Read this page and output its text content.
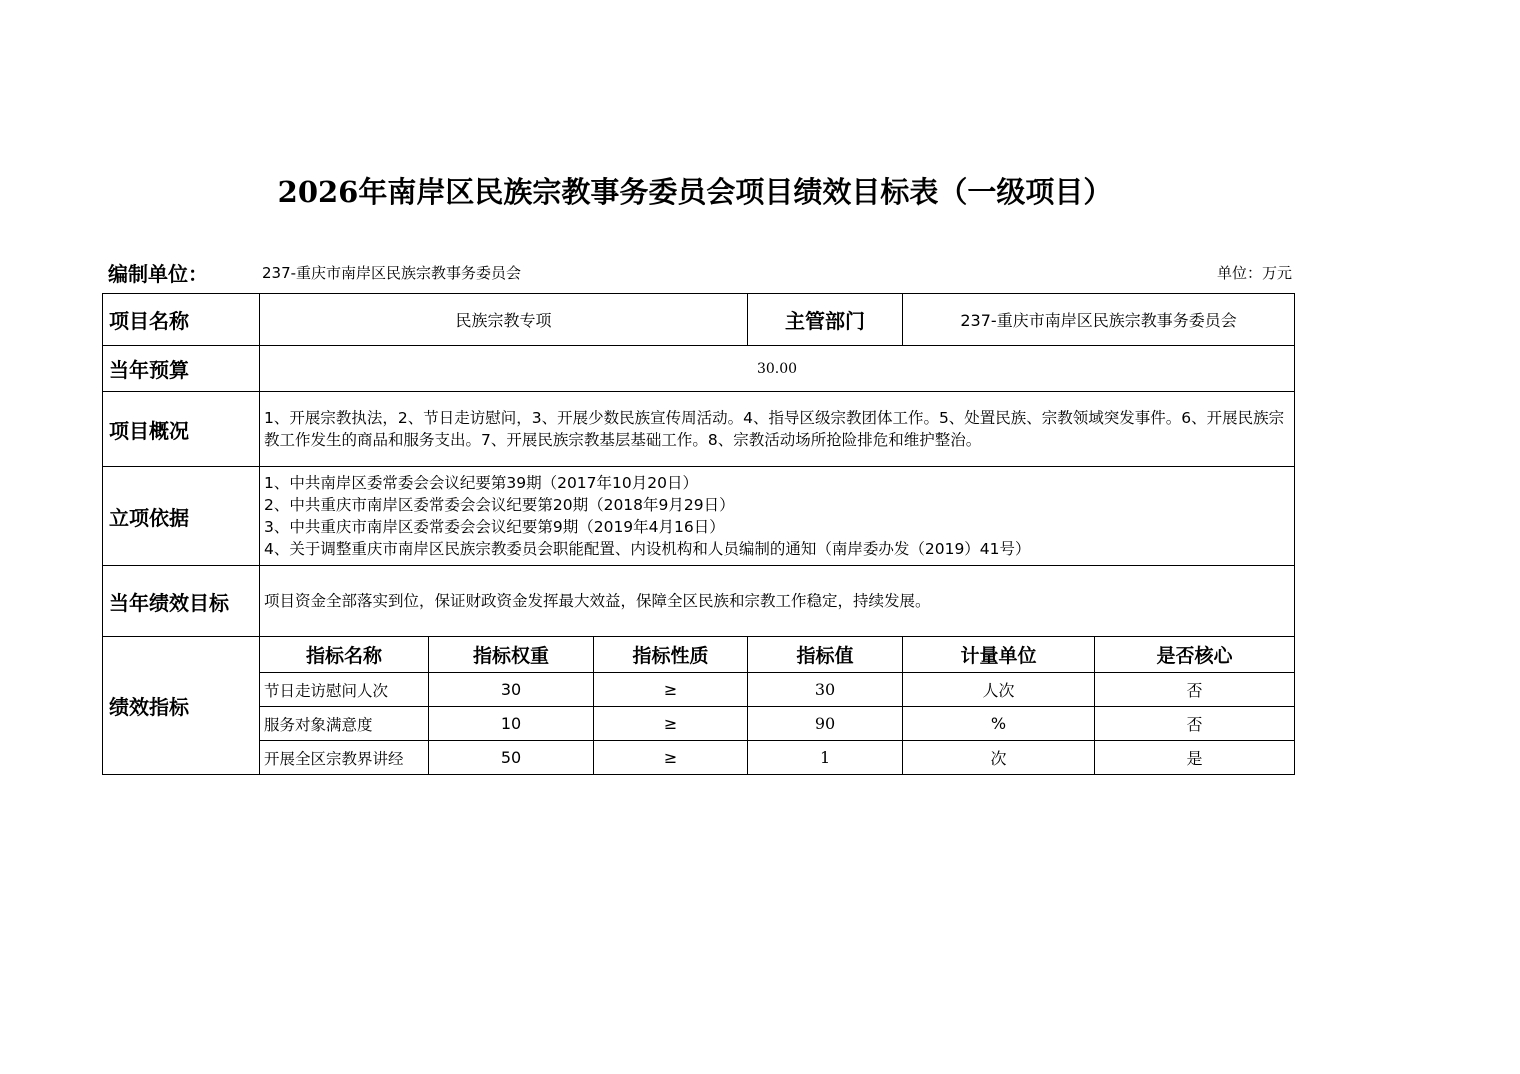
2026年南岸区民族宗教事务委员会项目绩效目标表（一级项目）
编制单位：	237-重庆市南岸区民族宗教事务委员会	单位：万元
项目名称	民族宗教专项			主管部门	237-重庆市南岸区民族宗教事务委员会	
当年预算	30.00					
项目概况	1、开展宗教执法，2、节日走访慰问，3、开展少数民族宣传周活动。4、指导区级宗教团体工作。5、处置民族、宗教领域突发事件。6、开展民族宗教工作发生的商品和服务支出。7、开展民族宗教基层基础工作。8、宗教活动场所抢险排危和维护整治。					
立项依据	1、中共南岸区委常委会会议纪要第39期（2017年10月20日）
2、中共重庆市南岸区委常委会会议纪要第20期（2018年9月29日）
3、中共重庆市南岸区委常委会会议纪要第9期（2019年4月16日）
4、关于调整重庆市南岸区民族宗教委员会职能配置、内设机构和人员编制的通知（南岸委办发（2019）41号）					

当年绩效目标	项目资金全部落实到位，保证财政资金发挥最大效益，保障全区民族和宗教工作稳定，持续发展。					
绩效指标	指标名称	指标权重	指标性质	指标值	计量单位	是否核心
	节日走访慰问人次	30	≥	30	人次	否
	服务对象满意度	10	≥	90	%	否
	开展全区宗教界讲经	50	≥	1	次	是
